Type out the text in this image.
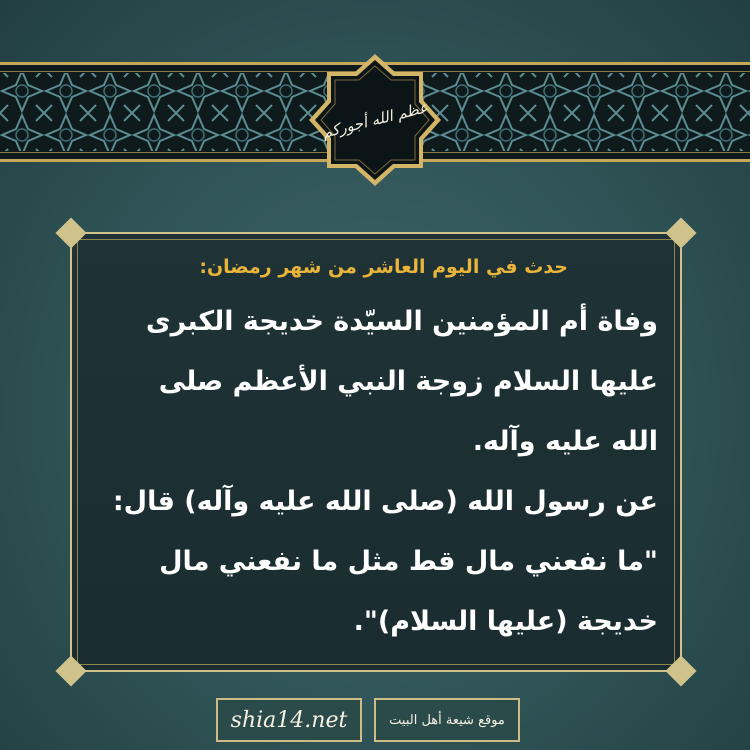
عظم الله أجوركم
حدث في اليوم العاشر من شهر رمضان:

وفاة أم المؤمنين السيّدة خديجة الكبرى

عليها السلام زوجة النبي الأعظم صلى

الله عليه وآله.

عن رسول الله (صلى الله عليه وآله) قال:

"ما نفعني مال قط مثل ما نفعني مال

خديجة (عليها السلام)".

shia14.net	موقع شيعة أهل البيت
